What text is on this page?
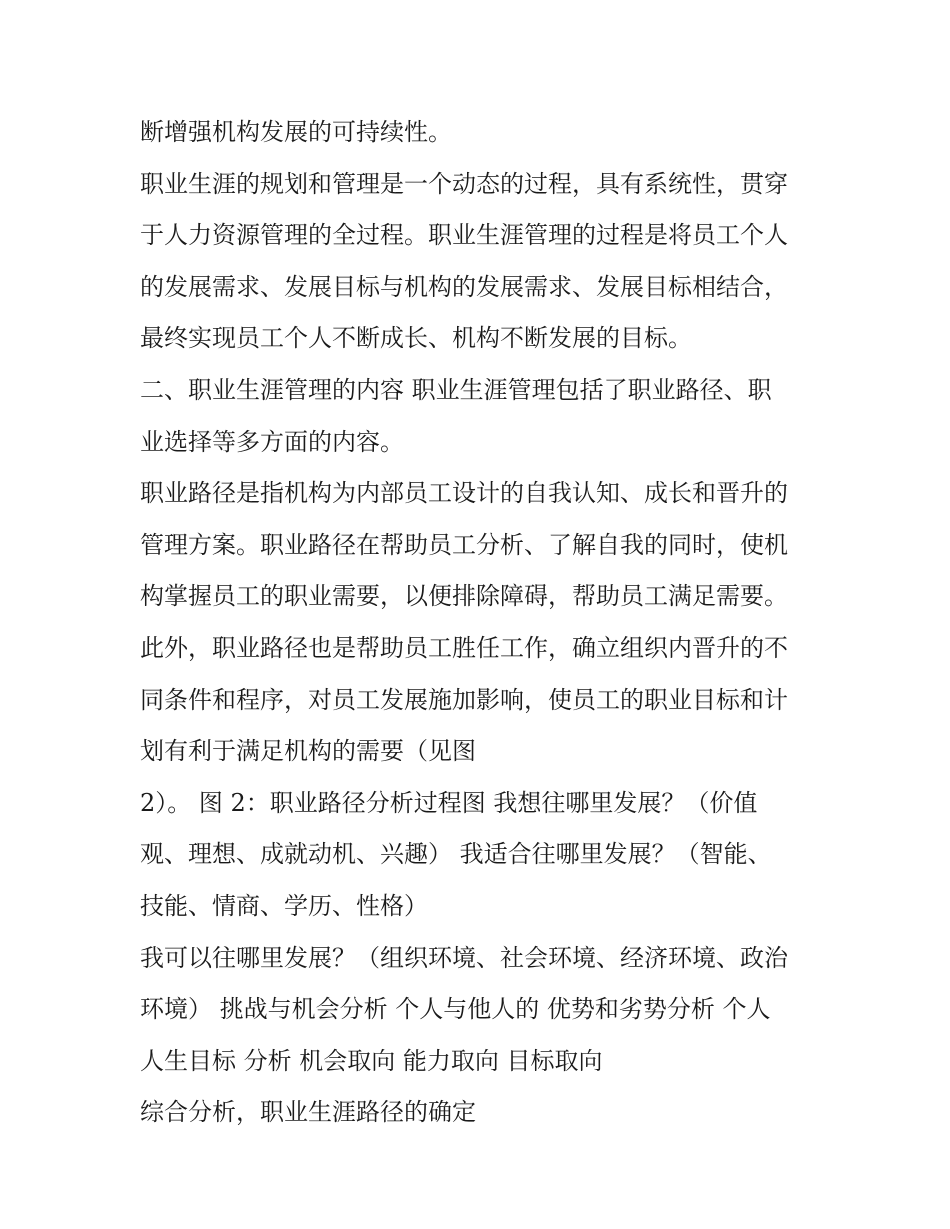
断增强机构发展的可持续性。
职业生涯的规划和管理是一个动态的过程，具有系统性，贯穿
于人力资源管理的全过程。职业生涯管理的过程是将员工个人
的发展需求、发展目标与机构的发展需求、发展目标相结合，
最终实现员工个人不断成长、机构不断发展的目标。
二、职业生涯管理的内容 职业生涯管理包括了职业路径、职
业选择等多方面的内容。
职业路径是指机构为内部员工设计的自我认知、成长和晋升的
管理方案。职业路径在帮助员工分析、了解自我的同时，使机
构掌握员工的职业需要，以便排除障碍，帮助员工满足需要。
此外，职业路径也是帮助员工胜任工作，确立组织内晋升的不
同条件和程序，对员工发展施加影响，使员工的职业目标和计
划有利于满足机构的需要（见图
2）。 图 2：职业路径分析过程图 我想往哪里发展？（价值
观、理想、成就动机、兴趣） 我适合往哪里发展？（智能、
技能、情商、学历、性格）
我可以往哪里发展？（组织环境、社会环境、经济环境、政治
环境） 挑战与机会分析 个人与他人的 优势和劣势分析 个人
人生目标 分析 机会取向 能力取向 目标取向
综合分析，职业生涯路径的确定
